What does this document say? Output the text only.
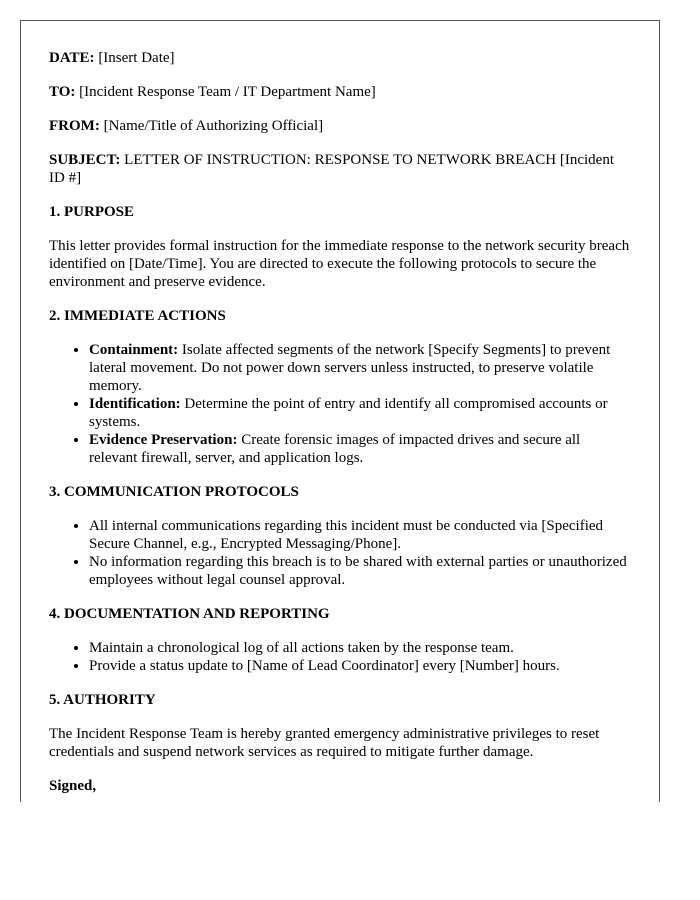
DATE: [Insert Date]

TO: [Incident Response Team / IT Department Name]

FROM: [Name/Title of Authorizing Official]

SUBJECT: LETTER OF INSTRUCTION: RESPONSE TO NETWORK BREACH [Incident ID #]

1. PURPOSE

This letter provides formal instruction for the immediate response to the network security breach identified on [Date/Time]. You are directed to execute the following protocols to secure the environment and preserve evidence.

2. IMMEDIATE ACTIONS
• Containment: Isolate affected segments of the network [Specify Segments] to prevent lateral movement. Do not power down servers unless instructed, to preserve volatile memory.
• Identification: Determine the point of entry and identify all compromised accounts or systems.
• Evidence Preservation: Create forensic images of impacted drives and secure all relevant firewall, server, and application logs.
3. COMMUNICATION PROTOCOLS
• All internal communications regarding this incident must be conducted via [Specified Secure Channel, e.g., Encrypted Messaging/Phone].
• No information regarding this breach is to be shared with external parties or unauthorized employees without legal counsel approval.
4. DOCUMENTATION AND REPORTING
• Maintain a chronological log of all actions taken by the response team.
• Provide a status update to [Name of Lead Coordinator] every [Number] hours.
5. AUTHORITY

The Incident Response Team is hereby granted emergency administrative privileges to reset credentials and suspend network services as required to mitigate further damage.

Signed,
